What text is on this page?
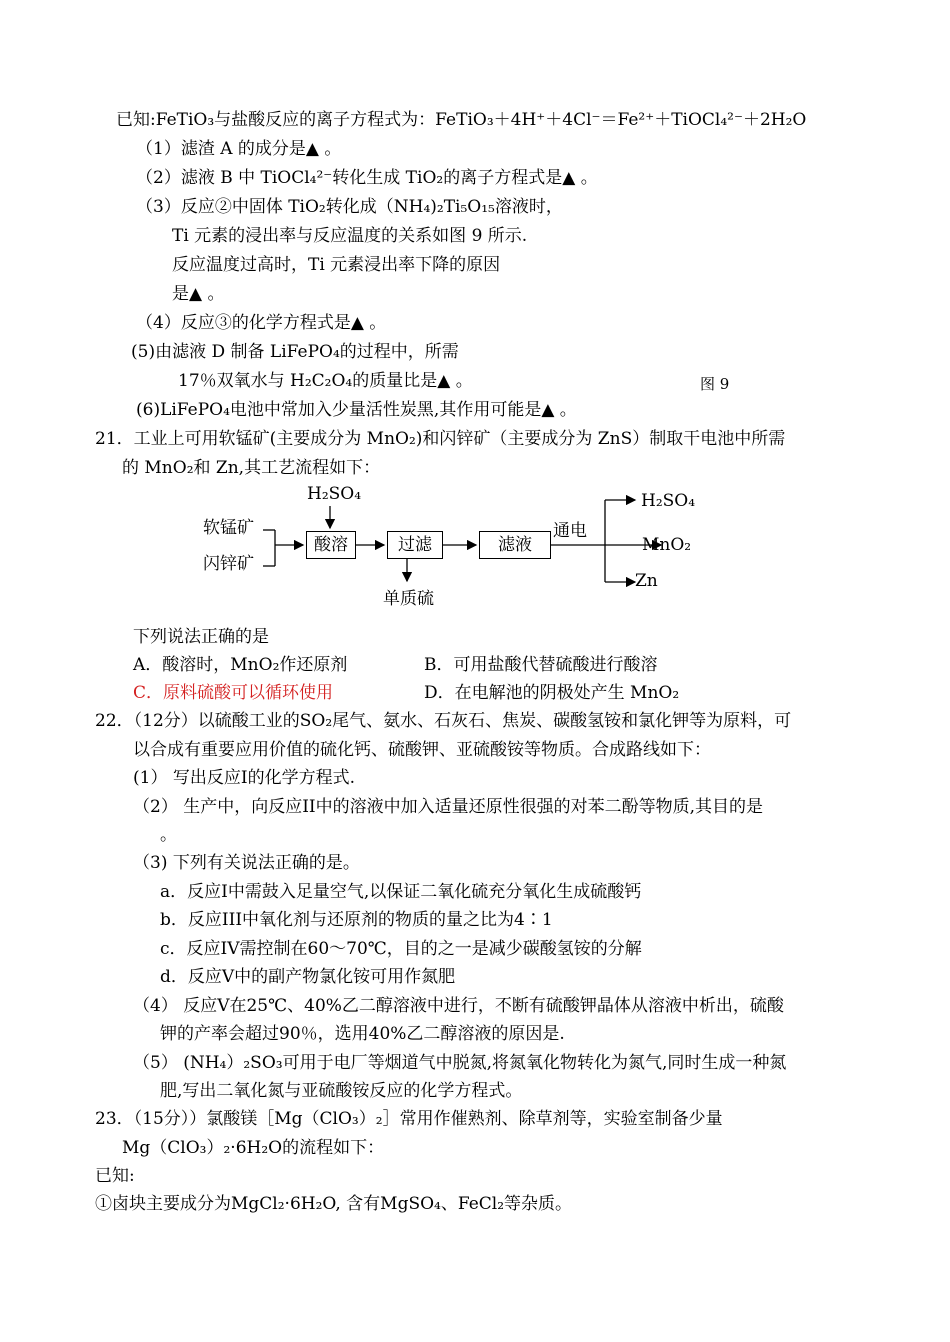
已知:FeTiO₃与盐酸反应的离子方程式为：FeTiO₃＋4H⁺＋4Cl⁻＝Fe²⁺＋TiOCl₄²⁻＋2H₂O
（1）滤渣 A 的成分是▲ 。
（2）滤液 B 中 TiOCl₄²⁻转化生成 TiO₂的离子方程式是▲ 。
（3）反应②中固体 TiO₂转化成（NH₄)₂Ti₅O₁₅溶液时，
Ti 元素的浸出率与反应温度的关系如图 9 所示.
反应温度过高时，Ti 元素浸出率下降的原因
是▲ 。
（4）反应③的化学方程式是▲ 。
(5)由滤液 D 制备 LiFePO₄的过程中，所需
17％双氧水与 H₂C₂O₄的质量比是▲ 。	图 9
(6)LiFePO₄电池中常加入少量活性炭黑,其作用可能是▲ 。
21．工业上可用软锰矿(主要成分为 MnO₂)和闪锌矿（主要成分为 ZnS）制取干电池中所需
的 MnO₂和 Zn,其工艺流程如下：
H₂SO₄
软锰矿
闪锌矿
酸溶	过滤	滤液
单质硫
通电
H₂SO₄
MnO₂
Zn
下列说法正确的是
A．酸溶时，MnO₂作还原剂	B．可用盐酸代替硫酸进行酸溶
C．原料硫酸可以循环使用	D．在电解池的阴极处产生 MnO₂
22．（12分）以硫酸工业的SO₂尾气、氨水、石灰石、焦炭、碳酸氢铵和氯化钾等为原料，可
以合成有重要应用价值的硫化钙、硫酸钾、亚硫酸铵等物质。合成路线如下：
(1） 写出反应Ⅰ的化学方程式.
（2） 生产中，向反应II中的溶液中加入适量还原性很强的对苯二酚等物质,其目的是
。
（3) 下列有关说法正确的是。
a．反应Ⅰ中需鼓入足量空气,以保证二氧化硫充分氧化生成硫酸钙
b．反应III中氧化剂与还原剂的物质的量之比为4∶1
c．反应IV需控制在60～70℃，目的之一是减少碳酸氢铵的分解
d．反应V中的副产物氯化铵可用作氮肥
（4） 反应Ⅴ在25℃、40%乙二醇溶液中进行，不断有硫酸钾晶体从溶液中析出，硫酸
钾的产率会超过90％，选用40%乙二醇溶液的原因是.
（5） (NH₄）₂SO₃可用于电厂等烟道气中脱氮,将氮氧化物转化为氮气,同时生成一种氮
肥,写出二氧化氮与亚硫酸铵反应的化学方程式。
23．（15分））氯酸镁［Mg（ClO₃）₂］常用作催熟剂、除草剂等，实验室制备少量
Mg（ClO₃）₂·6H₂O的流程如下：
已知:
①卤块主要成分为MgCl₂·6H₂O, 含有MgSO₄、FeCl₂等杂质。
